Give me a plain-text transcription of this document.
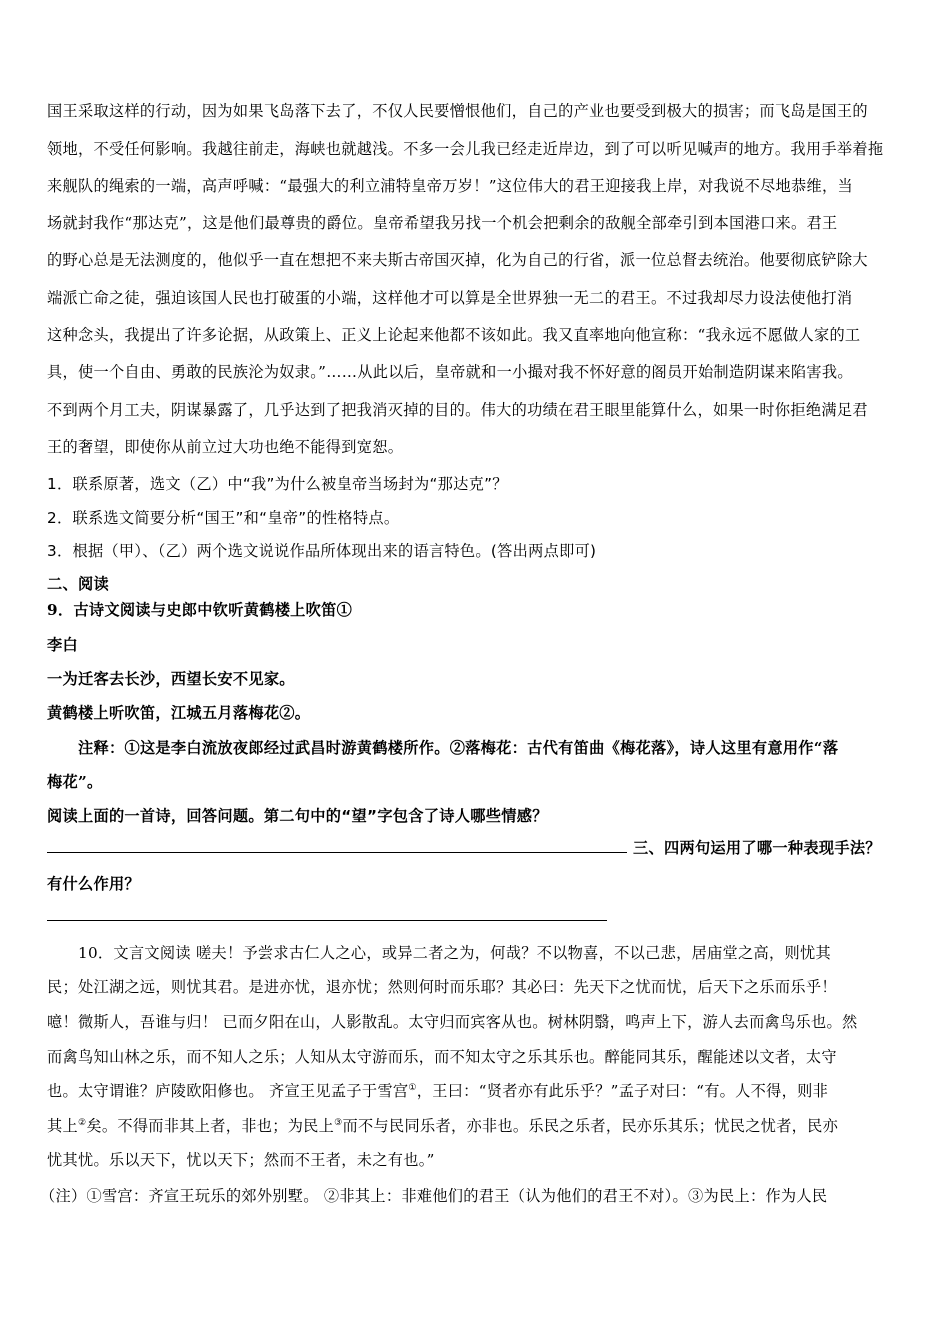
国王采取这样的行动，因为如果飞岛落下去了，不仅人民要憎恨他们，自己的产业也要受到极大的损害；而飞岛是国王的
领地，不受任何影响。我越往前走，海峡也就越浅。不多一会儿我已经走近岸边，到了可以听见喊声的地方。我用手举着拖
来舰队的绳索的一端，高声呼喊：“最强大的利立浦特皇帝万岁！”这位伟大的君王迎接我上岸，对我说不尽地恭维，当
场就封我作“那达克”，这是他们最尊贵的爵位。皇帝希望我另找一个机会把剩余的敌舰全部牵引到本国港口来。君王
的野心总是无法测度的，他似乎一直在想把不来夫斯古帝国灭掉，化为自己的行省，派一位总督去统治。他要彻底铲除大
端派亡命之徒，强迫该国人民也打破蛋的小端，这样他才可以算是全世界独一无二的君王。不过我却尽力设法使他打消
这种念头，我提出了许多论据，从政策上、正义上论起来他都不该如此。我又直率地向他宣称：“我永远不愿做人家的工
具，使一个自由、勇敢的民族沦为奴隶。”……从此以后，皇帝就和一小撮对我不怀好意的阁员开始制造阴谋来陷害我。
不到两个月工夫，阴谋暴露了，几乎达到了把我消灭掉的目的。伟大的功绩在君王眼里能算什么，如果一时你拒绝满足君
王的奢望，即使你从前立过大功也绝不能得到宽恕。
1．联系原著，选文（乙）中“我”为什么被皇帝当场封为“那达克”？
2．联系选文简要分析“国王”和“皇帝”的性格特点。
3．根据（甲）、（乙）两个选文说说作品所体现出来的语言特色。(答出两点即可)
二、阅读
9．古诗文阅读与史郎中钦听黄鹤楼上吹笛①
李白
一为迁客去长沙，西望长安不见家。
黄鹤楼上听吹笛，江城五月落梅花②。
注释：①这是李白流放夜郎经过武昌时游黄鹤楼所作。②落梅花：古代有笛曲《梅花落》，诗人这里有意用作“落
梅花”。
阅读上面的一首诗，回答问题。第二句中的“望”字包含了诗人哪些情感？
三、四两句运用了哪一种表现手法？
有什么作用？
10．文言文阅读 嗟夫！予尝求古仁人之心，或异二者之为，何哉？不以物喜，不以己悲，居庙堂之高，则忧其
民；处江湖之远，则忧其君。是进亦忧，退亦忧；然则何时而乐耶？其必曰：先天下之忧而忧，后天下之乐而乐乎！
噫！微斯人，吾谁与归！ 已而夕阳在山，人影散乱。太守归而宾客从也。树林阴翳，鸣声上下，游人去而禽鸟乐也。然
而禽鸟知山林之乐，而不知人之乐；人知从太守游而乐，而不知太守之乐其乐也。醉能同其乐，醒能述以文者，太守
也。太守谓谁？庐陵欧阳修也。 齐宣王见孟子于雪宫①，王曰：“贤者亦有此乐乎？”孟子对曰：“有。人不得，则非
其上②矣。不得而非其上者，非也；为民上③而不与民同乐者，亦非也。乐民之乐者，民亦乐其乐；忧民之忧者，民亦
忧其忧。乐以天下，忧以天下；然而不王者，未之有也。”
（注）①雪宫：齐宣王玩乐的郊外别墅。 ②非其上：非难他们的君王（认为他们的君王不对）。③为民上：作为人民
